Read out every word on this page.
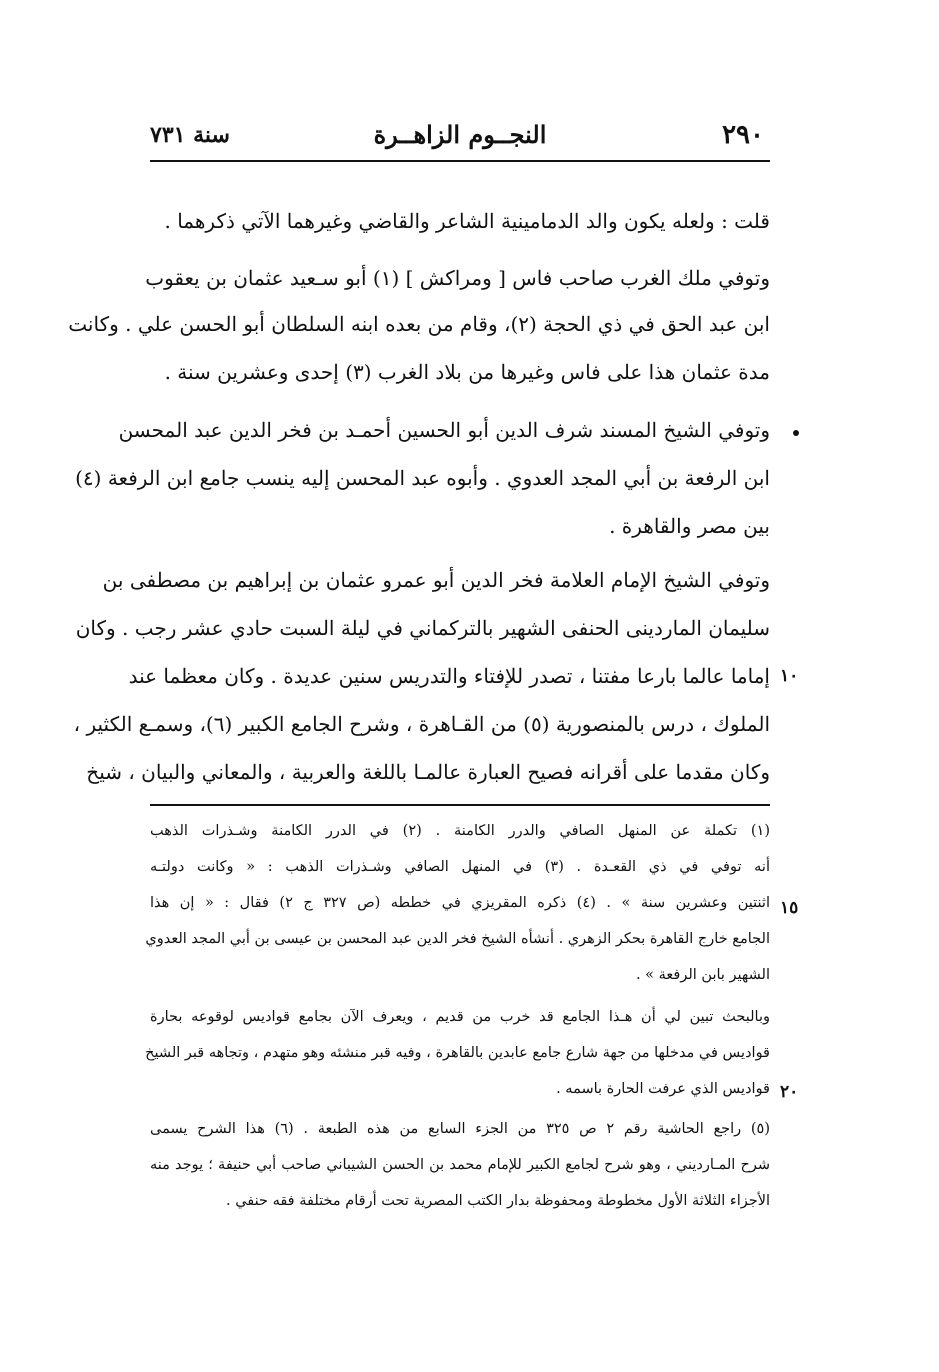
٢٩٠
النجــوم الزاهــرة
سنة ٧٣١
قلت : ولعله يكون والد الدمامينية الشاعر والقاضي وغيرهما الآتي ذكرهما .
وتوفي ملك الغرب صاحب فاس [ ومراكش ] (١) أبو سـعيد عثمان بن يعقوب
ابن عبد الحق في ذي الحجة (٢)، وقام من بعده ابنه السلطان أبو الحسن علي . وكانت
مدة عثمان هذا على فاس وغيرها من بلاد الغرب (٣) إحدى وعشرين سنة .
وتوفي الشيخ المسند شرف الدين أبو الحسين أحمـد بن فخر الدين عبد المحسن
ابن الرفعة بن أبي المجد العدوي . وأبوه عبد المحسن إليه ينسب جامع ابن الرفعة (٤)
بين مصر والقاهرة .
وتوفي الشيخ الإمام العلامة فخر الدين أبو عمرو عثمان بن إبراهيم بن مصطفى بن
سليمان الماردينى الحنفى الشهير بالتركماني في ليلة السبت حادي عشر رجب . وكان
إماما عالما بارعا مفتنا ، تصدر للإفتاء والتدريس سنين عديدة . وكان معظما عند
الملوك ، درس بالمنصورية (٥) من القـاهرة ، وشرح الجامع الكبير (٦)، وسمـع الكثير ،
وكان مقدما على أقرانه فصيح العبارة عالمـا باللغة والعربية ، والمعاني والبيان ، شيخ
١٠
(١) تكملة عن المنهل الصافي والدرر الكامنة . (٢) في الدرر الكامنة وشـذرات الذهب
أنه توفي في ذي القعـدة . (٣) في المنهل الصافي وشـذرات الذهب : « وكانت دولتـه
اثنتين وعشرين سنة » . (٤) ذكره المقريزي في خططه (ص ٣٢٧ ج ٢) فقال : « إن هذا
الجامع خارج القاهرة بحكر الزهري . أنشأه الشيخ فخر الدين عبد المحسن بن عيسى بن أبي المجد العدوي
الشهير بابن الرفعة » .
وبالبحث تبين لي أن هـذا الجامع قد خرب من قديم ، ويعرف الآن بجامع قواديس لوقوعه بحارة
قواديس في مدخلها من جهة شارع جامع عابدين بالقاهرة ، وفيه قبر منشئه وهو متهدم ، وتجاهه قبر الشيخ
قواديس الذي عرفت الحارة باسمه .
(٥) راجع الحاشية رقم ٢ ص ٣٢٥ من الجزء السابع من هذه الطبعة . (٦) هذا الشرح يسمى
شرح المـارديني ، وهو شرح لجامع الكبير للإمام محمد بن الحسن الشيباني صاحب أبي حنيفة ؛ يوجد منه
الأجزاء الثلاثة الأول مخطوطة ومحفوظة بدار الكتب المصرية تحت أرقام مختلفة فقه حنفي .
١٥
٢٠
